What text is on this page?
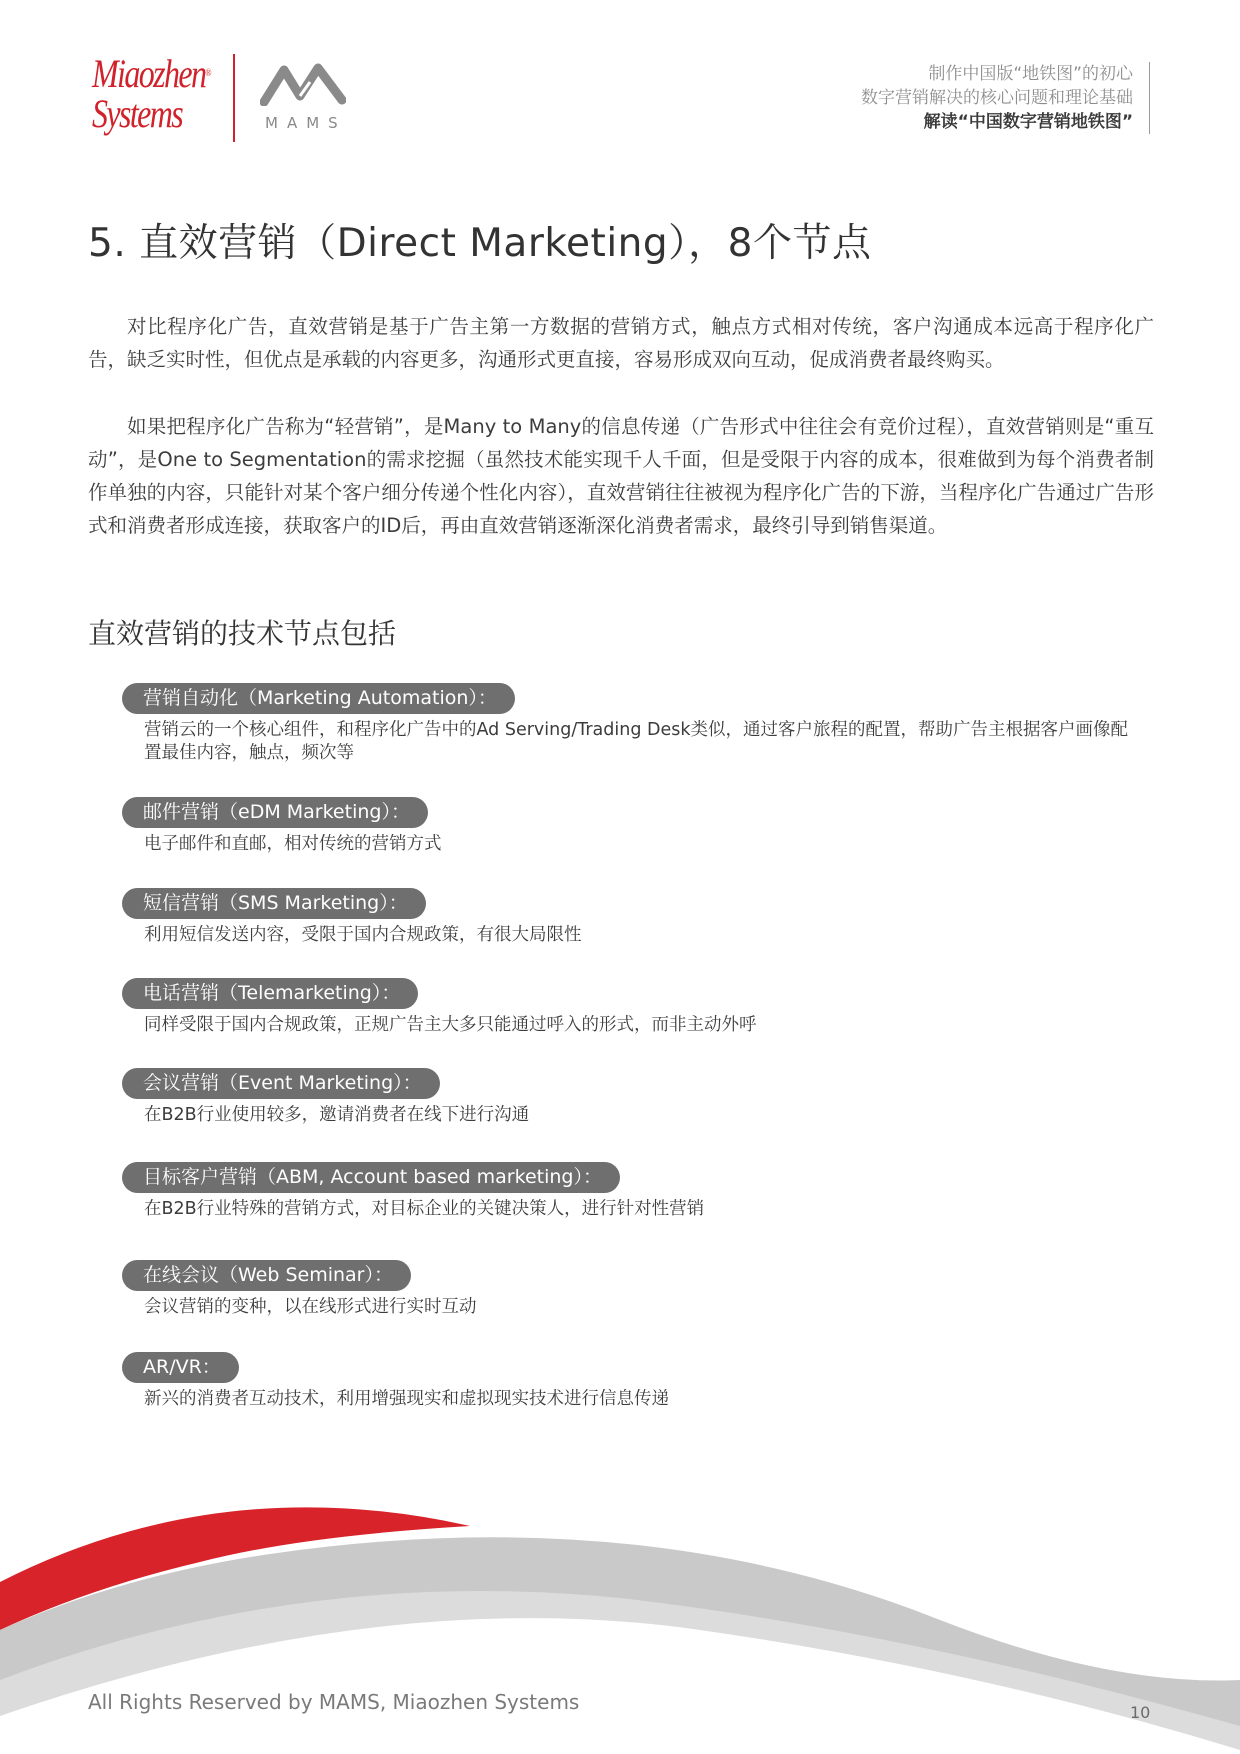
Miaozhen®
Systems	MAMS
制作中国版“地铁图”的初心
数字营销解决的核心问题和理论基础
解读“中国数字营销地铁图”
5. 直效营销（Direct Marketing），8个节点

对比程序化广告，直效营销是基于广告主第一方数据的营销方式，触点方式相对传统，客户沟通成本远高于程序化广告，缺乏实时性，但优点是承载的内容更多，沟通形式更直接，容易形成双向互动，促成消费者最终购买。

如果把程序化广告称为“轻营销”，是Many to Many的信息传递（广告形式中往往会有竞价过程），直效营销则是“重互动”，是One to Segmentation的需求挖掘（虽然技术能实现千人千面，但是受限于内容的成本，很难做到为每个消费者制作单独的内容，只能针对某个客户细分传递个性化内容），直效营销往往被视为程序化广告的下游，当程序化广告通过广告形式和消费者形成连接，获取客户的ID后，再由直效营销逐渐深化消费者需求，最终引导到销售渠道。

直效营销的技术节点包括
营销自动化（Marketing Automation）：
营销云的一个核心组件，和程序化广告中的Ad Serving/Trading Desk类似，通过客户旅程的配置，帮助广告主根据客户画像配置最佳内容，触点，频次等
邮件营销（eDM Marketing）：
电子邮件和直邮，相对传统的营销方式
短信营销（SMS Marketing）：
利用短信发送内容，受限于国内合规政策，有很大局限性
电话营销（Telemarketing）：
同样受限于国内合规政策，正规广告主大多只能通过呼入的形式，而非主动外呼
会议营销（Event Marketing）：
在B2B行业使用较多，邀请消费者在线下进行沟通
目标客户营销（ABM, Account based marketing）：
在B2B行业特殊的营销方式，对目标企业的关键决策人，进行针对性营销
在线会议（Web Seminar）：
会议营销的变种，以在线形式进行实时互动
AR/VR：
新兴的消费者互动技术，利用增强现实和虚拟现实技术进行信息传递
All Rights Reserved by MAMS, Miaozhen Systems	10
